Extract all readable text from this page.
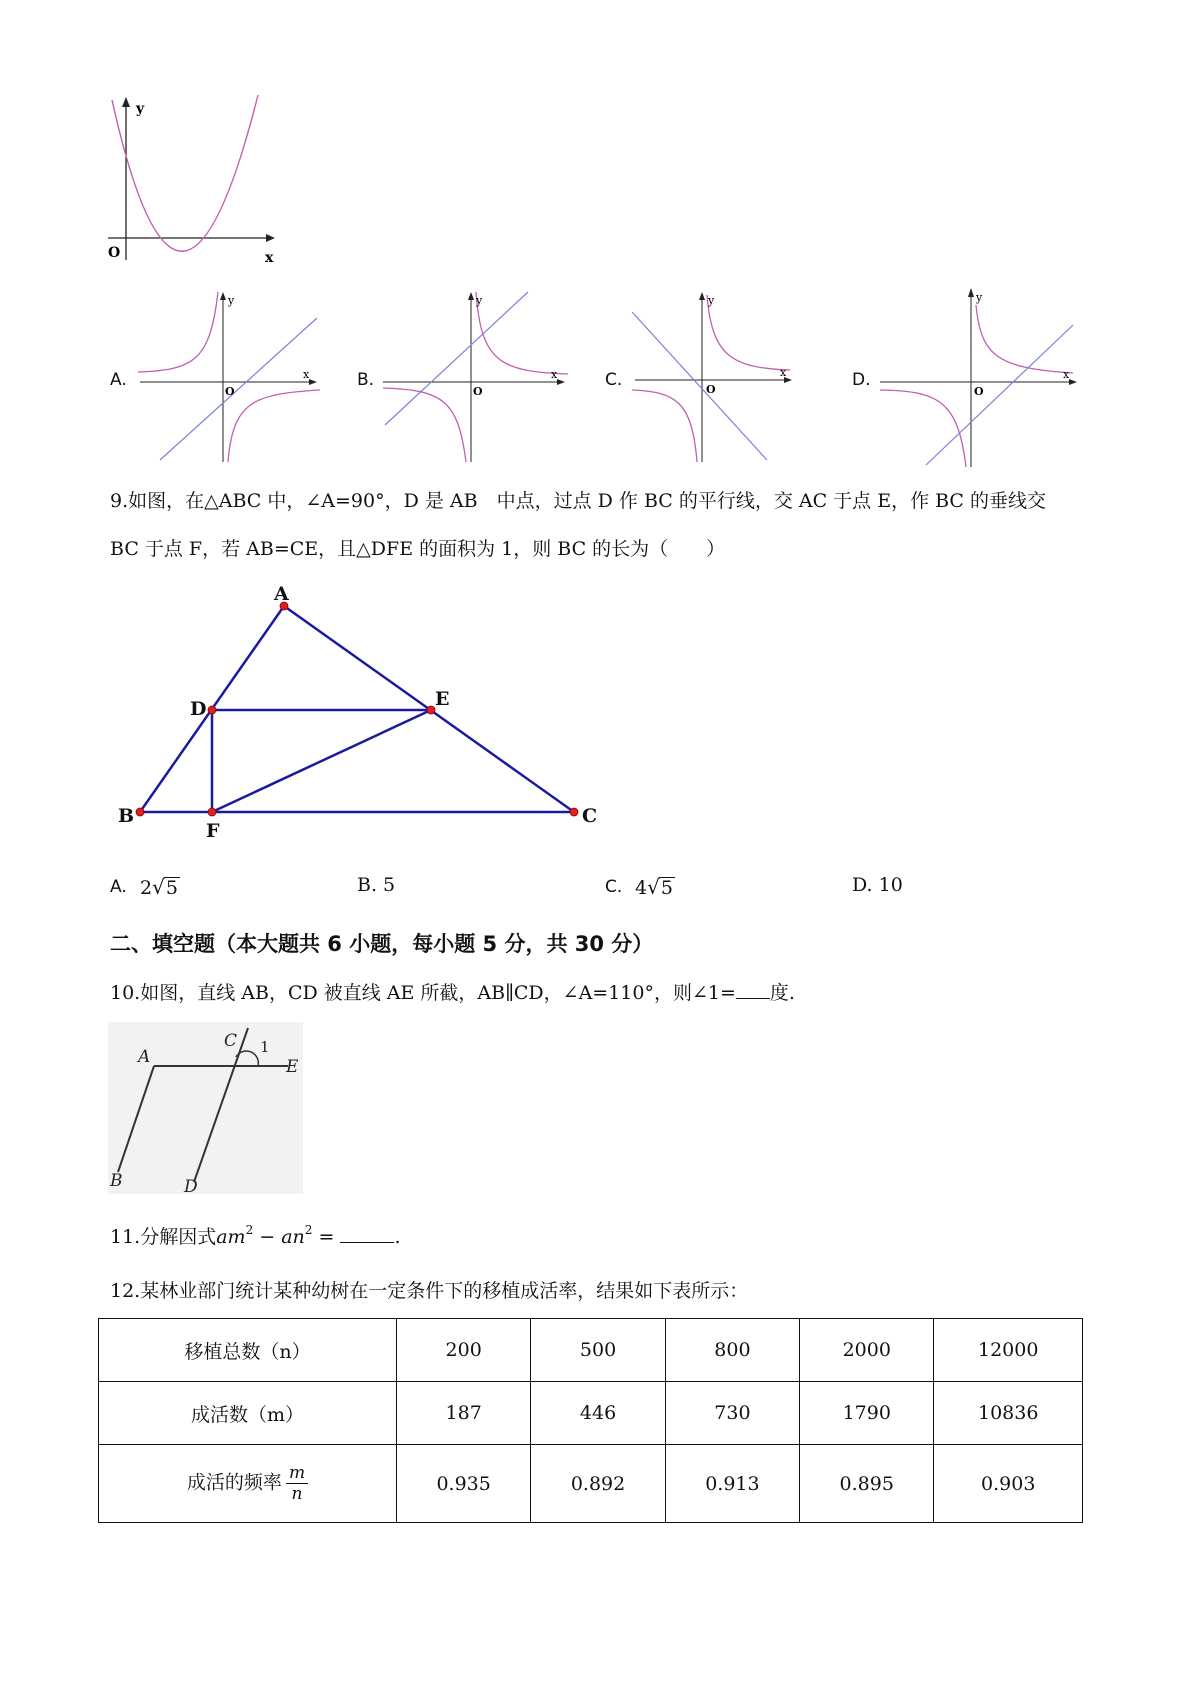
y
x
O
A.
y
x
O
B.
y
x
O
C.
y
x
O	D.
y
x
O
9.如图，在△ABC 中，∠A=90°，D 是 AB　中点，过点 D 作 BC 的平行线，交 AC 于点 E，作 BC 的垂线交
BC 于点 F，若 AB=CE，且△DFE 的面积为 1，则 BC 的长为（　　）
A
D	E
B
F
C
A. 2√5	B. 5	C. 4√5	D. 10
二、填空题（本大题共 6 小题，每小题 5 分，共 30 分）
10.如图，直线 AB，CD 被直线 AE 所截，AB∥CD，∠A=110°，则∠1= 度.
A
C 1
E
B	D
11.分解因式$am^2 - an^2$ =	.
12.某林业部门统计某种幼树在一定条件下的移植成活率，结果如下表所示：
移植总数（n）	200	500	800	2000	12000
成活数（m）	187	446	730	1790	10836
成活的频率 $\frac{m}{n}$	0.935	0.892	0.913	0.895	0.903
